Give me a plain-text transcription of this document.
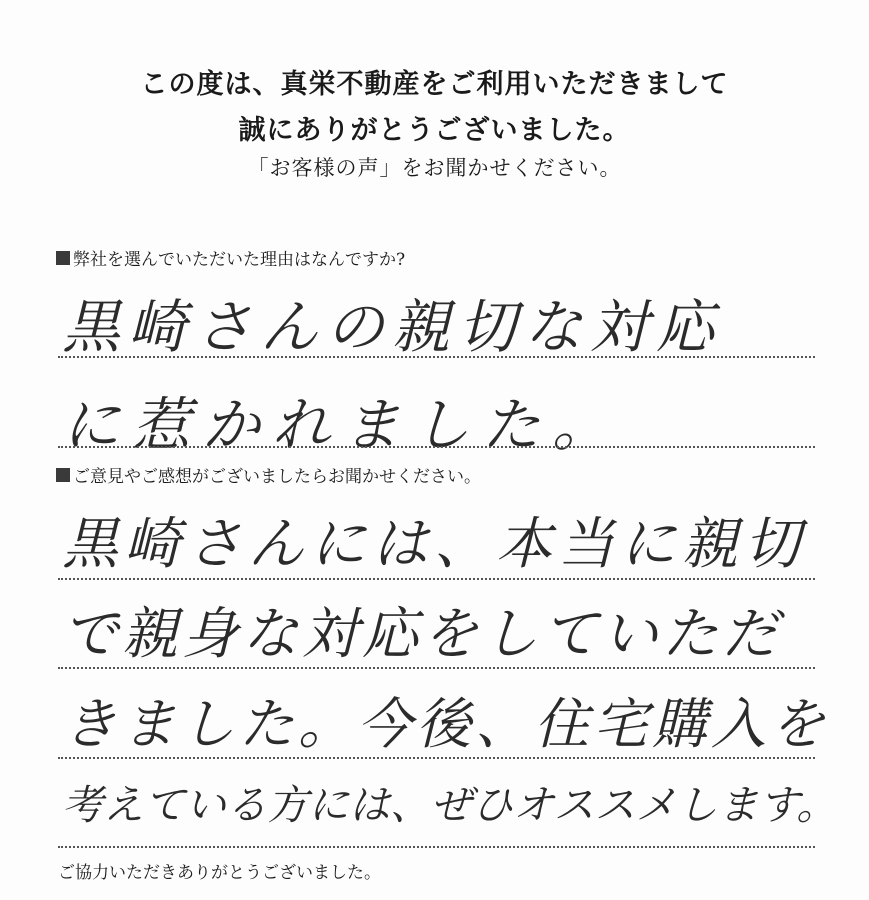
この度は、真栄不動産をご利用いただきまして
誠にありがとうございました。
「お客様の声」をお聞かせください。
弊社を選んでいただいた理由はなんですか?
黒崎さんの親切な対応
に惹かれました。
ご意見やご感想がございましたらお聞かせください。
黒崎さんには、本当に親切
で親身な対応をしていただ
きました。今後、住宅購入を
考えている方には、ぜひオススメします。
ご協力いただきありがとうございました。
